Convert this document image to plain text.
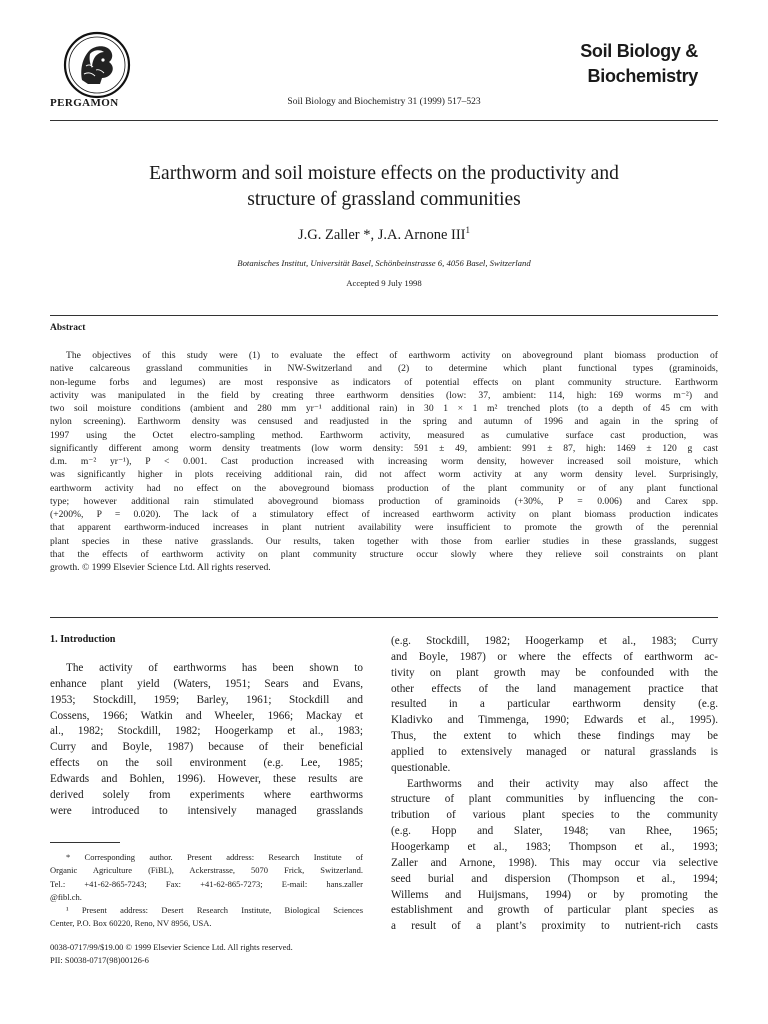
PERGAMON	Soil Biology and Biochemistry 31 (1999) 517–523
Soil Biology &
Biochemistry
Earthworm and soil moisture effects on the productivity and
structure of grassland communities
J.G. Zaller *, J.A. Arnone III$^1$
Botanisches Institut, Universität Basel, Schönbeinstrasse 6, 4056 Basel, Switzerland
Accepted 9 July 1998
Abstract
The objectives of this study were (1) to evaluate the effect of earthworm activity on aboveground plant biomass production of
native calcareous grassland communities in NW-Switzerland and (2) to determine which plant functional types (graminoids,
non-legume forbs and legumes) are most responsive as indicators of potential effects on plant community structure. Earthworm
activity was manipulated in the field by creating three earthworm densities (low: 37, ambient: 114, high: 169 worms m⁻²) and
two soil moisture conditions (ambient and 280 mm yr⁻¹ additional rain) in 30 1 × 1 m² trenched plots (to a depth of 45 cm with
nylon screening). Earthworm density was censused and readjusted in the spring and autumn of 1996 and again in the spring of
1997 using the Octet electro-sampling method. Earthworm activity, measured as cumulative surface cast production, was
significantly different among worm density treatments (low worm density: 591 ± 49, ambient: 991 ± 87, high: 1469 ± 120 g cast
d.m. m⁻² yr⁻¹), P < 0.001. Cast production increased with increasing worm density, however increased soil moisture, which
was significantly higher in plots receiving additional rain, did not affect worm activity at any worm density level. Surprisingly,
earthworm activity had no effect on the aboveground biomass production of the plant community or of any plant functional
type; however additional rain stimulated aboveground biomass production of graminoids (+30%, P = 0.006) and Carex spp.
(+200%, P = 0.020). The lack of a stimulatory effect of increased earthworm activity on plant biomass production indicates
that apparent earthworm-induced increases in plant nutrient availability were insufficient to promote the growth of the perennial
plant species in these native grasslands. Our results, taken together with those from earlier studies in these grasslands, suggest
that the effects of earthworm activity on plant community structure occur slowly where they relieve soil constraints on plant
growth. © 1999 Elsevier Science Ltd. All rights reserved.
1. Introduction
The activity of earthworms has been shown to
enhance plant yield (Waters, 1951; Sears and Evans,
1953; Stockdill, 1959; Barley, 1961; Stockdill and
Cossens, 1966; Watkin and Wheeler, 1966; Mackay et
al., 1982; Stockdill, 1982; Hoogerkamp et al., 1983;
Curry and Boyle, 1987) because of their beneficial
effects on the soil environment (e.g. Lee, 1985;
Edwards and Bohlen, 1996). However, these results are
derived solely from experiments where earthworms
were introduced to intensively managed grasslands
* Corresponding author. Present address: Research Institute of
Organic Agriculture (FiBL), Ackerstrasse, 5070 Frick, Switzerland.
Tel.: +41-62-865-7243; Fax: +41-62-865-7273; E-mail: hans.zaller
@fibl.ch.
¹ Present address: Desert Research Institute, Biological Sciences
Center, P.O. Box 60220, Reno, NV 8956, USA.
0038-0717/99/$19.00 © 1999 Elsevier Science Ltd. All rights reserved.
PII: S0038-0717(98)00126-6
(e.g. Stockdill, 1982; Hoogerkamp et al., 1983; Curry
and Boyle, 1987) or where the effects of earthworm ac-
tivity on plant growth may be confounded with the
other effects of the land management practice that
resulted in a particular earthworm density (e.g.
Kladivko and Timmenga, 1990; Edwards et al., 1995).
Thus, the extent to which these findings may be
applied to extensively managed or natural grasslands is
questionable.
Earthworms and their activity may also affect the
structure of plant communities by influencing the con-
tribution of various plant species to the community
(e.g. Hopp and Slater, 1948; van Rhee, 1965;
Hoogerkamp et al., 1983; Thompson et al., 1993;
Zaller and Arnone, 1998). This may occur via selective
seed burial and dispersion (Thompson et al., 1994;
Willems and Huijsmans, 1994) or by promoting the
establishment and growth of particular plant species as
a result of a plant’s proximity to nutrient-rich casts
